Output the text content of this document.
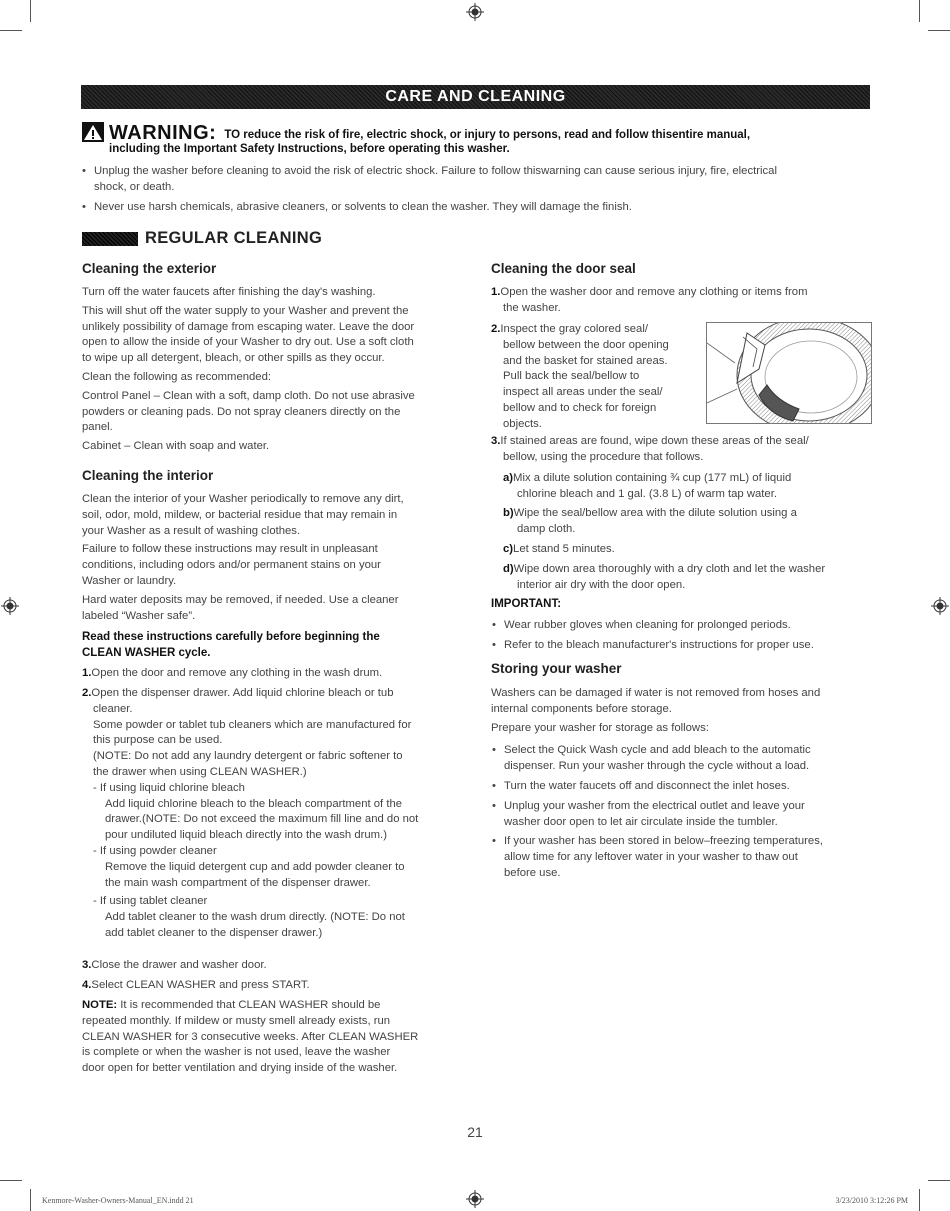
CARE AND CLEANING
WARNING: TO reduce the risk of fire, electric shock, or injury to persons, read and follow thisentire manual,
including the Important Safety Instructions, before operating this washer.
• Unplug the washer before cleaning to avoid the risk of electric shock. Failure to follow thiswarning can cause serious injury, fire, electrical
shock, or death.
• Never use harsh chemicals, abrasive cleaners, or solvents to clean the washer. They will damage the finish.
REGULAR CLEANING
Cleaning the exterior
Turn off the water faucets after finishing the day's washing.
This will shut off the water supply to your Washer and prevent the
unlikely possibility of damage from escaping water. Leave the door
open to allow the inside of your Washer to dry out. Use a soft cloth
to wipe up all detergent, bleach, or other spills as they occur.
Clean the following as recommended:
Control Panel – Clean with a soft, damp cloth. Do not use abrasive
powders or cleaning pads. Do not spray cleaners directly on the
panel.
Cabinet – Clean with soap and water.
Cleaning the interior
Clean the interior of your Washer periodically to remove any dirt,
soil, odor, mold, mildew, or bacterial residue that may remain in
your Washer as a result of washing clothes.
Failure to follow these instructions may result in unpleasant
conditions, including odors and/or permanent stains on your
Washer or laundry.
Hard water deposits may be removed, if needed. Use a cleaner
labeled “Washer safe”.
Read these instructions carefully before beginning the
CLEAN WASHER cycle.
1.Open the door and remove any clothing in the wash drum.
2.Open the dispenser drawer. Add liquid chlorine bleach or tub
cleaner.
Some powder or tablet tub cleaners which are manufactured for
this purpose can be used.
(NOTE: Do not add any laundry detergent or fabric softener to
the drawer when using CLEAN WASHER.)
- If using liquid chlorine bleach
Add liquid chlorine bleach to the bleach compartment of the
drawer.(NOTE: Do not exceed the maximum fill line and do not
pour undiluted liquid bleach directly into the wash drum.)
- If using powder cleaner
Remove the liquid detergent cup and add powder cleaner to
the main wash compartment of the dispenser drawer.
- If using tablet cleaner
Add tablet cleaner to the wash drum directly. (NOTE: Do not
add tablet cleaner to the dispenser drawer.)
3.Close the drawer and washer door.
4.Select CLEAN WASHER and press START.
NOTE: It is recommended that CLEAN WASHER should be
repeated monthly. If mildew or musty smell already exists, run
CLEAN WASHER for 3 consecutive weeks. After CLEAN WASHER
is complete or when the washer is not used, leave the washer
door open for better ventilation and drying inside of the washer.
Cleaning the door seal
1.Open the washer door and remove any clothing or items from
the washer.
2.Inspect the gray colored seal/
bellow between the door opening
and the basket for stained areas.
Pull back the seal/bellow to
inspect all areas under the seal/
bellow and to check for foreign
objects.
3.If stained areas are found, wipe down these areas of the seal/
bellow, using the procedure that follows.
a)Mix a dilute solution containing ¾ cup (177 mL) of liquid
chlorine bleach and 1 gal. (3.8 L) of warm tap water.
b)Wipe the seal/bellow area with the dilute solution using a
damp cloth.
c)Let stand 5 minutes.
d)Wipe down area thoroughly with a dry cloth and let the washer
interior air dry with the door open.
IMPORTANT:
• Wear rubber gloves when cleaning for prolonged periods.
• Refer to the bleach manufacturer's instructions for proper use.
Storing your washer
Washers can be damaged if water is not removed from hoses and
internal components before storage.
Prepare your washer for storage as follows:
• Select the Quick Wash cycle and add bleach to the automatic
dispenser. Run your washer through the cycle without a load.
• Turn the water faucets off and disconnect the inlet hoses.
• Unplug your washer from the electrical outlet and leave your
washer door open to let air circulate inside the tumbler.
• If your washer has been stored in below–freezing temperatures,
allow time for any leftover water in your washer to thaw out
before use.
21
Kenmore-Washer-Owners-Manual_EN.indd 21	3/23/2010 3:12:26 PM
